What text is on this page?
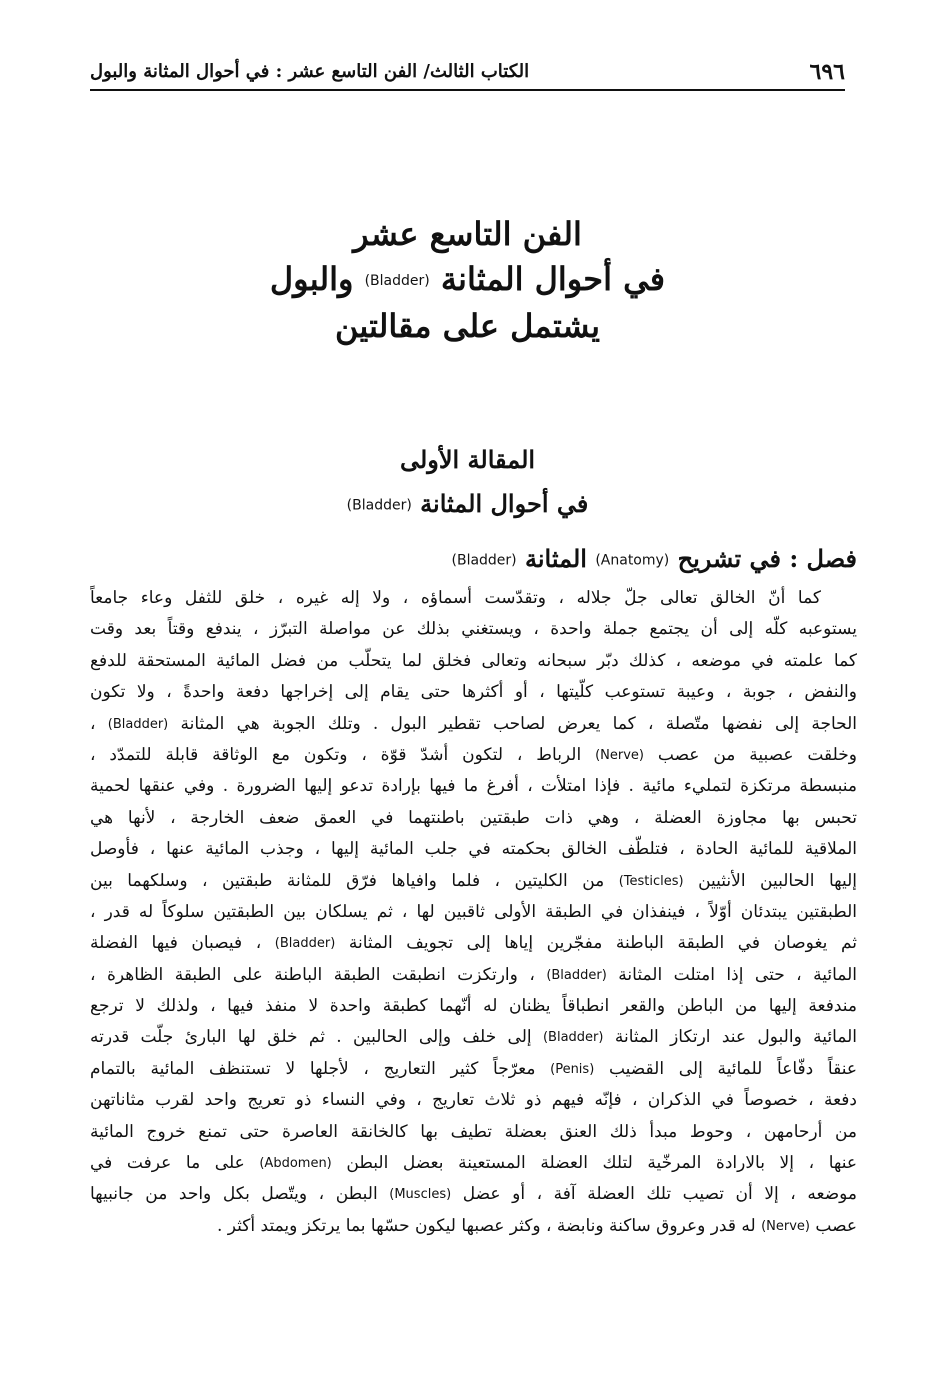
٦٩٦
الكتاب الثالث/ الفن التاسع عشر : في أحوال المثانة والبول
الفن التاسع عشر
في أحوال المثانة (Bladder) والبول
يشتمل على مقالتين
المقالة الأولى
في أحوال المثانة (Bladder)
فصل : في تشريح (Anatomy) المثانة (Bladder)
كما أنّ الخالق تعالى جلّ جلاله ، وتقدّست أسماؤه ، ولا إله غيره ، خلق للثفل وعاء جامعاً
يستوعبه كلّه إلى أن يجتمع جملة واحدة ، ويستغني بذلك عن مواصلة التبرّز ، يندفع وقتاً بعد وقت
كما علمته في موضعه ، كذلك دبّر سبحانه وتعالى فخلق لما يتحلّب من فضل المائية المستحقة للدفع
والنفض ، جوبة ، وعيبة تستوعب كلّيتها ، أو أكثرها حتى يقام إلى إخراجها دفعة واحدةً ، ولا تكون
الحاجة إلى نفضها متّصلة ، كما يعرض لصاحب تقطير البول . وتلك الجوبة هي المثانة (Bladder) ،
وخلقت عصبية من عصب (Nerve) الرباط ، لتكون أشدّ قوّة ، وتكون مع الوثاقة قابلة للتمدّد ،
منبسطة مرتكزة لتمليء مائية . فإذا امتلأت ، أفرغ ما فيها بإرادة تدعو إليها الضرورة . وفي عنقها لحمية
تحبس بها مجاوزة العضلة ، وهي ذات طبقتين باطنتهما في العمق ضعف الخارجة ، لأنها هي
الملاقية للمائية الحادة ، فتلطّف الخالق بحكمته في جلب المائية إليها ، وجذب المائية عنها ، فأوصل
إليها الحالبين الأنثيين (Testicles) من الكليتين ، فلما وافياها فرّق للمثانة طبقتين ، وسلكهما بين
الطبقتين يبتدئان أوّلاً ، فينفذان في الطبقة الأولى ثاقبين لها ، ثم يسلكان بين الطبقتين سلوكاً له قدر ،
ثم يغوصان في الطبقة الباطنة مفجّرين إياها إلى تجويف المثانة (Bladder) ، فيصبان فيها الفضلة
المائية ، حتى إذا امتلت المثانة (Bladder) ، وارتكزت انطبقت الطبقة الباطنة على الطبقة الظاهرة ،
مندفعة إليها من الباطن والقعر انطباقاً يظنان له أنّهما كطبقة واحدة لا منفذ فيها ، ولذلك لا ترجع
المائية والبول عند ارتكاز المثانة (Bladder) إلى خلف وإلى الحالبين . ثم خلق لها البارئ جلّت قدرته
عنقاً دفّاعاً للمائية إلى القضيب (Penis) معرّجاً كثير التعاريج ، لأجلها لا تستنظف المائية بالتمام
دفعة ، خصوصاً في الذكران ، فإنّه فيهم ذو ثلاث تعاريج ، وفي النساء ذو تعريج واحد لقرب مثاناتهن
من أرحامهن ، وحوط مبدأ ذلك العنق بعضلة تطيف بها كالخانقة العاصرة حتى تمنع خروج المائية
عنها ، إلا بالارادة المرخّية لتلك العضلة المستعينة بعضل البطن (Abdomen) على ما عرفت في
موضعه ، إلا أن تصيب تلك العضلة آفة ، أو عضل (Muscles) البطن ، ويتّصل بكل واحد من جانبيها
عصب (Nerve) له قدر وعروق ساكنة ونابضة ، وكثر عصبها ليكون حسّها بما يرتكز ويمتد أكثر .
